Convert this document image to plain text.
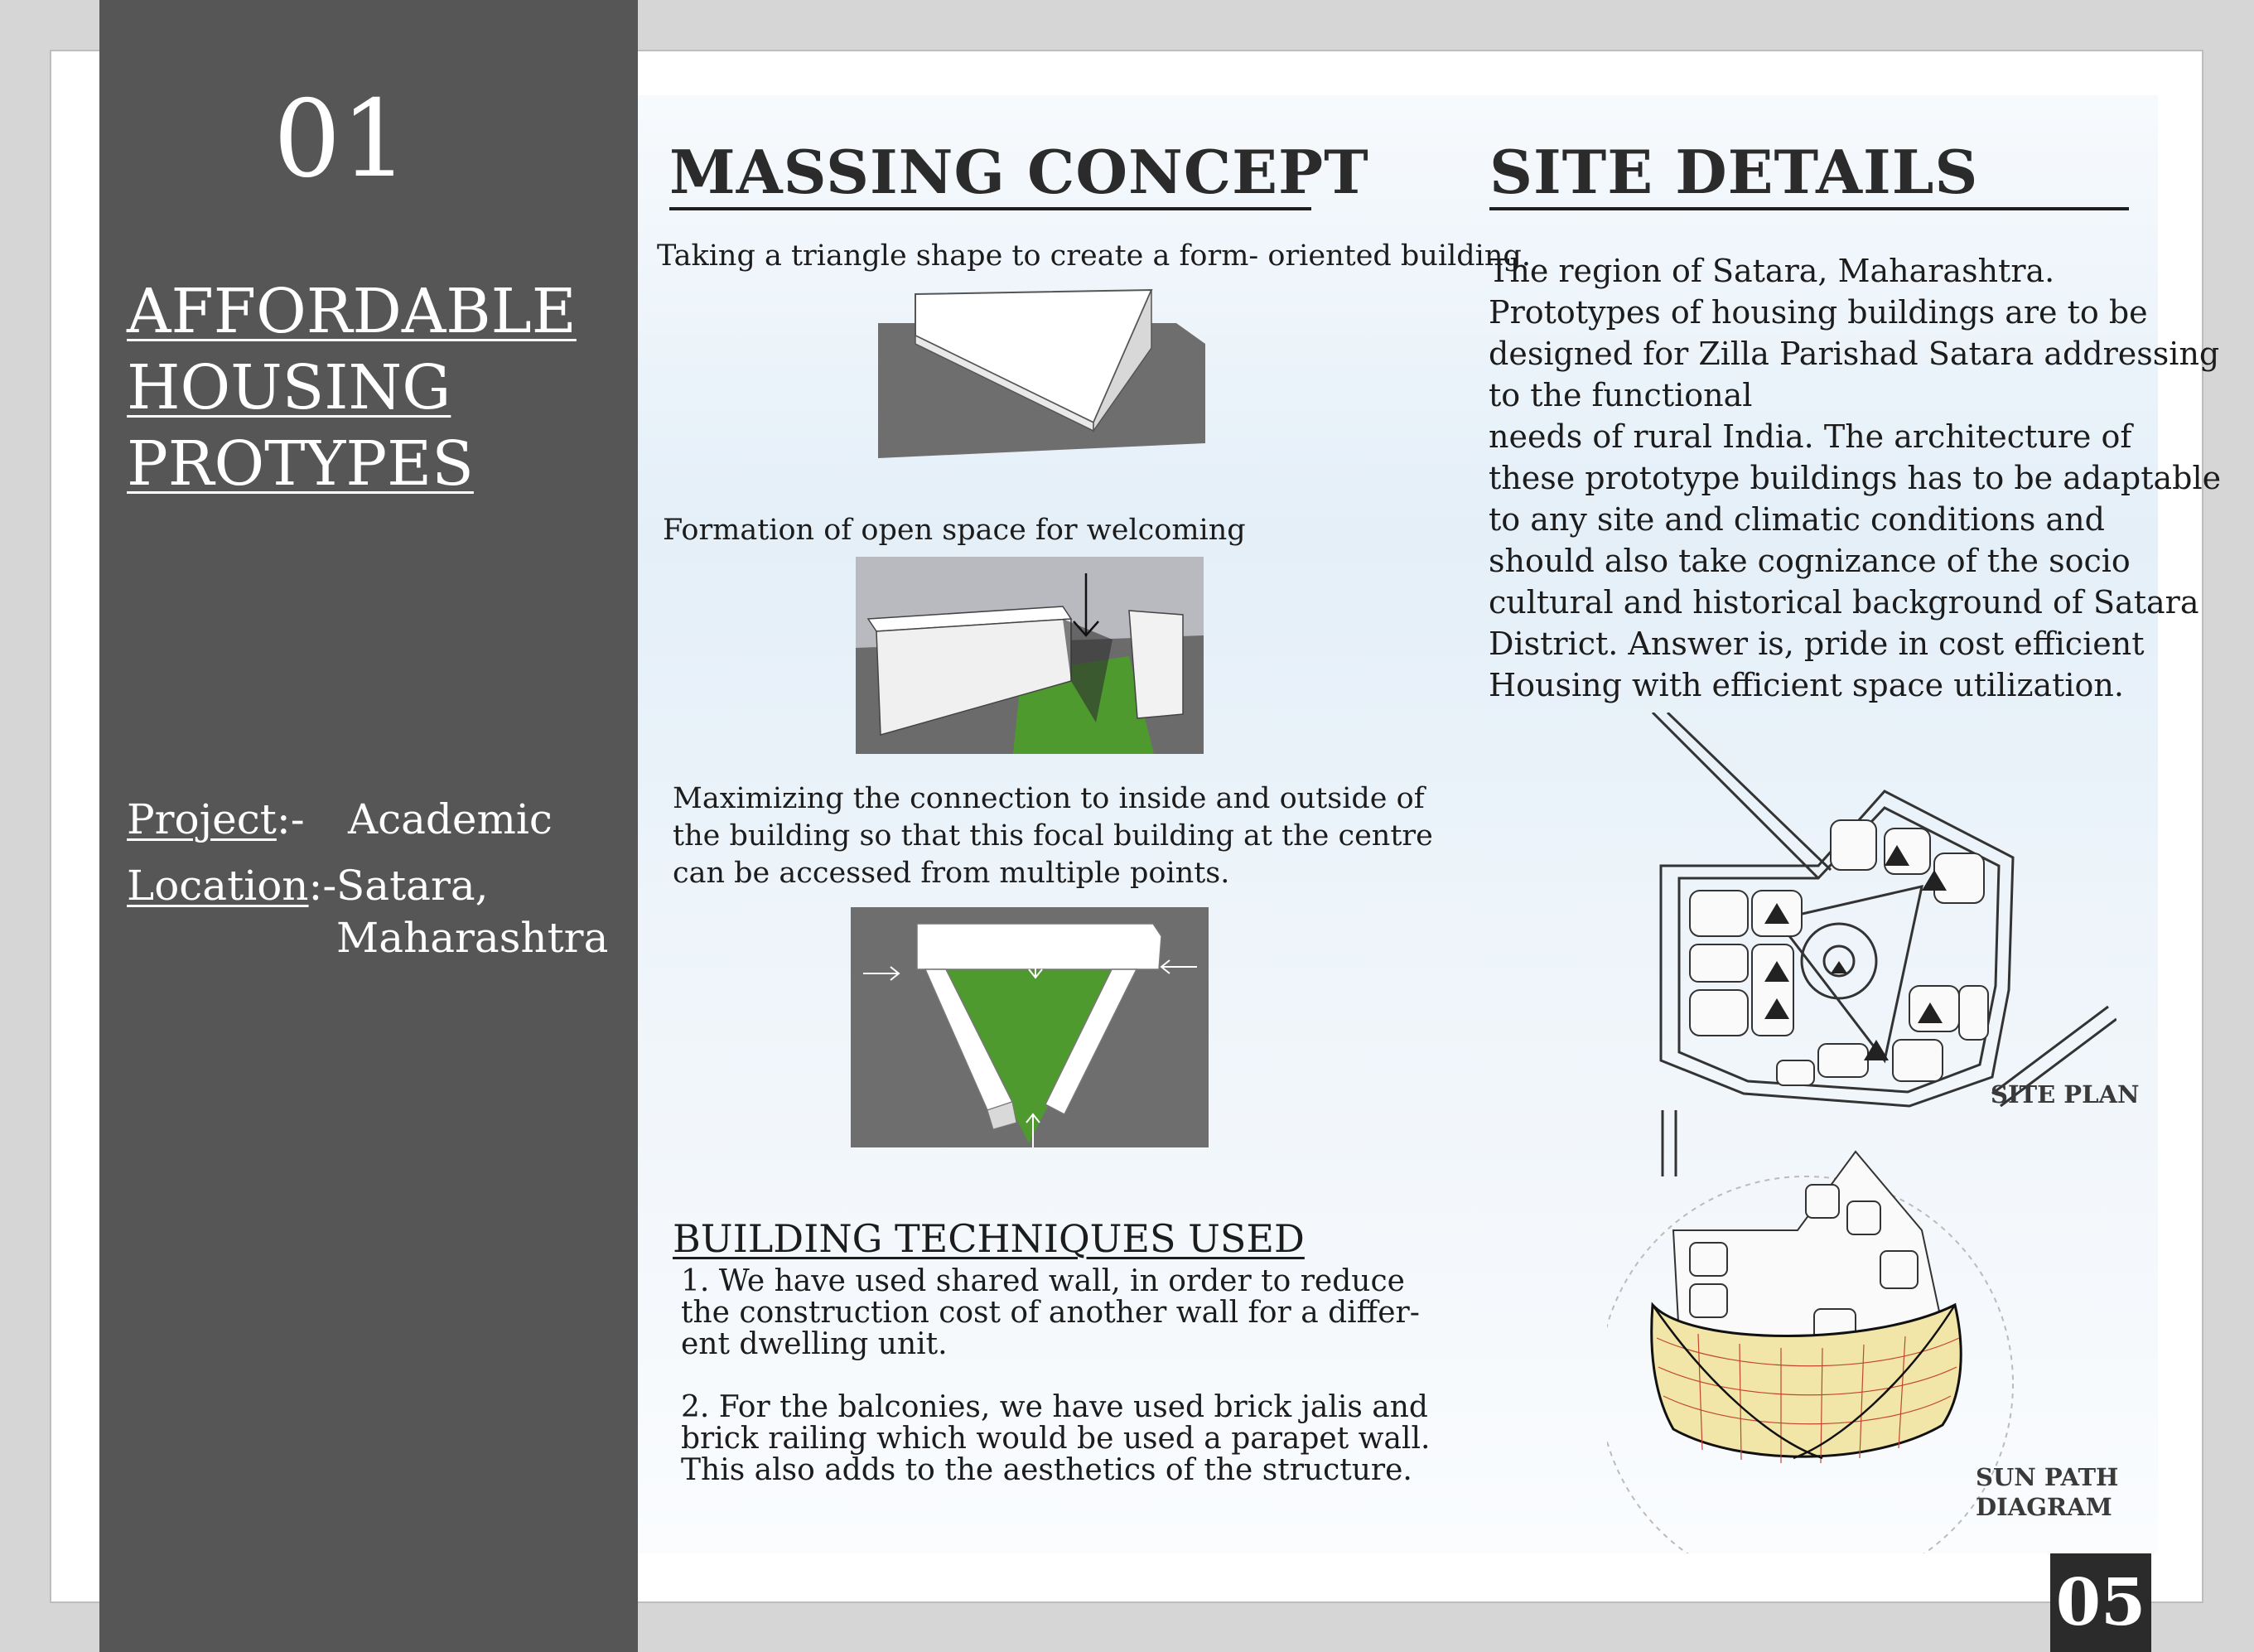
01
AFFORDABLE
HOUSING
PROTYPES
Project:- Academic
Location:- Satara,
Maharashtra
MASSING CONCEPT
Taking a triangle shape to create a form- oriented building.
Formation of open space for welcoming
Maximizing the connection to inside and outside of
the building so that this focal building at the centre
can be accessed from multiple points.
BUILDING TECHNIQUES USED
1. We have used shared wall, in order to reduce
the construction cost of another wall for a differ-
ent dwelling unit.
2. For the balconies, we have used brick jalis and
brick railing which would be used a parapet wall.
This also adds to the aesthetics of the structure.
SITE DETAILS
The region of Satara, Maharashtra.
Prototypes of housing buildings are to be
designed for Zilla Parishad Satara addressing
to the functional
needs of rural India. The architecture of
these prototype buildings has to be adaptable
to any site and climatic conditions and
should also take cognizance of the socio
cultural and historical background of Satara
District. Answer is, pride in cost efficient
Housing with efficient space utilization.
SITE PLAN
SUN PATH
DIAGRAM
05
